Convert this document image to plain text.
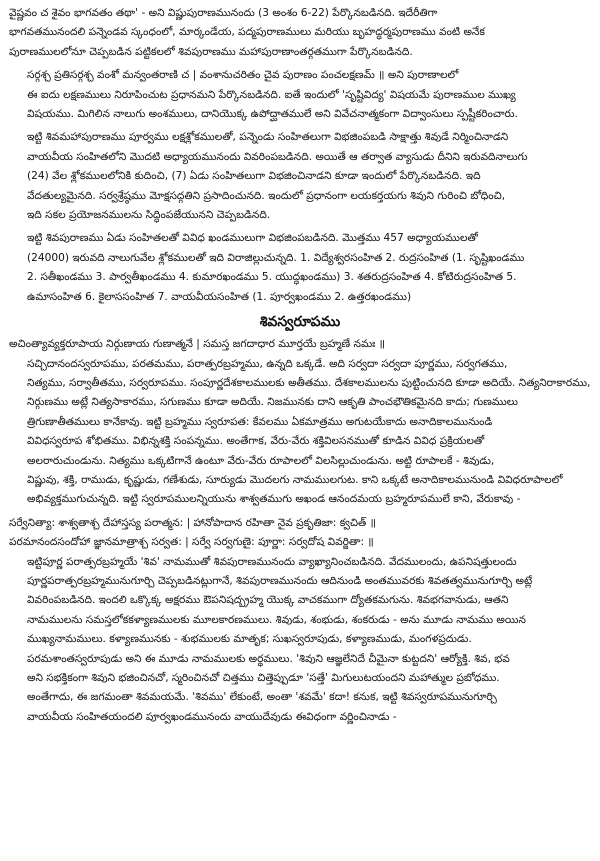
వైష్ణవం చ శైవం భాగవతం తథా' - అని విష్ణుపురాణమునందు (3 అంశం 6-22) పేర్కొనబడినది. ఇదేరీతిగా
భాగవతమునందలి పన్నెండవ స్కంధంలో, మార్కండేయ, పద్మపురాణములు మరియు బృహద్ధర్మపురాణము వంటి అనేక
పురాణములలోనూ చెప్పబడిన పట్టికలలో శివపురాణము మహాపురాణాంతర్గతముగా పేర్కొనబడినది.
సర్గశ్చ ప్రతిసర్గశ్చ వంశో మన్వంతరాణి చ | వంశానుచరితం చైవ పురాణం పంచలక్షణమ్ ॥ అని పురాణాలలో
ఈ ఐదు లక్షణములు నిరూపించుట ప్రధానమని పేర్కొనబడినది. ఐతే ఇందులో 'సృష్టివిద్య' విషయమే పురాణముల ముఖ్య
విషయము. మిగిలిన నాలుగు అంశములు, దానియొక్క ఉపోద్ఘాతములే అని వివేచనాత్మకంగా విద్వాంసులు స్పష్టీకరించారు.
ఇట్టి శివమహాపురాణము పూర్వము లక్షశ్లోకములతో, పన్నెండు సంహితలుగా విభజింపబడి సాక్షాత్తు శివుడే నిర్మించినాడని
వాయవీయ సంహితలోని మొదటి అధ్యాయమునందు వివరింపబడినది. అయితే ఆ తర్వాత వ్యాసుడు దీనిని ఇరువదినాలుగు
(24) వేల శ్లోకములలోనికి కుదించి, (7) ఏడు సంహితలుగా విభజించినాడని కూడా ఇందులో పేర్కొనబడినది. ఇది
వేదతుల్యమైనది. సర్వశ్రేష్ఠము మోక్షసద్గతిని ప్రసాదించునది. ఇందులో ప్రధానంగా లయకర్తయగు శివుని గురించి బోధించి,
ఇది సకల ప్రయోజనములను సిద్ధింపజేయునని చెప్పబడినది.
ఇట్టి శివపురాణము ఏడు సంహితలతో వివిధ ఖండములుగా విభజింపబడినది. మొత్తము 457 అధ్యాయములతో
(24000) ఇరువది నాలుగువేల శ్లోకములతో ఇది విరాజిల్లుచున్నది. 1. విద్యేశ్వరసంహిత 2. రుద్రసంహిత (1. సృష్టిఖండము
2. సతీఖండము 3. పార్వతీఖండము 4. కుమారఖండము 5. యుద్ధఖండము) 3. శతరుద్రసంహిత 4. కోటిరుద్రసంహిత 5.
ఉమాసంహిత 6. కైలాససంహిత 7. వాయవీయసంహిత (1. పూర్వఖండము 2. ఉత్తరఖండము)
శివస్వరూపము
అచింత్యావ్యక్తరూపాయ నిర్గుణాయ గుణాత్మనే | సమస్త జగదాధార మూర్తయే బ్రహ్మణే నమః ॥
సచ్చిదానందస్వరూపము, పరతమము, పరాత్పరబ్రహ్మము, ఉన్నది ఒక్కడే. అది సర్వదా సర్వదా పూర్ణము, సర్వగతము,
నిత్యము, సర్వాతీతము, సర్వరూపము. సంపూర్ణదేశకాలములకు అతీతము. దేశకాలములను పుట్టించునది కూడా అదియే. నిత్యనిరాకారము,
నిర్గుణము అట్లే నిత్యసాకారము, సగుణము కూడా అదియే. నిజమునకు దాని ఆకృతి పాంచభౌతికమైనది కాదు; గుణములు
త్రిగుణాతీతములు కానేకావు. ఇట్టి బ్రహ్మము స్వరూపత: కేవలము ఏకమాత్రము అగుటయేకాదు అనాదికాలమునుండి
వివిధస్వరూప శోభితము. విభిన్నశక్తి సంపన్నము. అంతేగాక, వేరు-వేరు శక్తివిలసనముతో కూడిన వివిధ ప్రక్రియలతో
అలరారుచుండును. నిత్యము ఒక్కటిగానే ఉంటూ వేరు-వేరు రూపాలలో విలసిల్లుచుండును. అట్టి రూపాలకే - శివుడు,
విష్ణువు, శక్తి, రాముడు, కృష్ణుడు, గణేశుడు, సూర్యుడు మొదలగు నామములగుట. కాని ఒక్కటే అనాదికాలమునుండి వివిధరూపాలలో
అభివ్యక్తముగుచున్నది. ఇట్టి స్వరూపములన్నియును శాశ్వతముగు అఖండ ఆనందమయ బ్రహ్మరూపములే కాని, వేరుకావు -
సర్వేనిత్యా: శాశ్వతాశ్చ దేహాస్తస్య పరాత్మన: | హానోపాదాన రహితా నైవ ప్రకృతిజా: క్వచిత్ ॥
పరమానందసందోహా జ్ఞానమాత్రాశ్చ సర్వత: | సర్వే సర్వగుణై: పూర్ణా: సర్వదోష వివర్జితా: ॥
ఇట్టిపూర్ణ పరాత్పరబ్రహ్మయే 'శివ' నామముతో శివపురాణమునందు వ్యాఖ్యానించబడినది. వేదములందు, ఉపనిషత్తులందు
పూర్ణపరాత్పరబ్రహ్మమునుగూర్చి చెప్పబడినట్లుగానే, శివపురాణమునందు ఆదినుండి అంతమువరకు శివతత్వమునుగూర్చి అట్లే
వివరింపబడినది. ఇందలి ఒక్కొక్క అక్షరము ఔపనిషద్బ్రహ్మ యొక్క వాచకముగా ద్యోతకమగును. శివభగవానుడు, ఆతని
నామములను సమస్తలోకకళ్యాణములకు మూలకారణములు. శివుడు, శంభుడు, శంకరుడు - అను మూడు నామము అయిన
ముఖ్యనామములు. కళ్యాణమునకు - శుభములకు మాతృక; సుఖస్వరూపుడు, కళ్యాణముడు, మంగళప్రదుడు.
పరమశాంతస్వరూపుడు అని ఈ మూడు నామములకు అర్థములు. 'శివుని ఆజ్ఞలేనిదే చీమైనా కుట్టదని' ఆర్యోక్తి. శివ, భవ
అని సభక్తికంగా శివుని భజించినచో, స్మరించినచో చిత్తము చిత్తెప్పుడూ 'సత్తే' మిగులుటయందని మహాత్ముల ప్రబోధము.
అంతేగాదు, ఈ జగమంతా శివమయమే. 'శివము' లేకుంటే, అంతా 'శవమే' కదా! కనుక, ఇట్టి శివస్వరూపమునుగూర్చి
వాయవీయ సంహితయందలి పూర్వఖండమునందు వాయుదేవుడు ఈవిధంగా వర్ణించినాడు -
